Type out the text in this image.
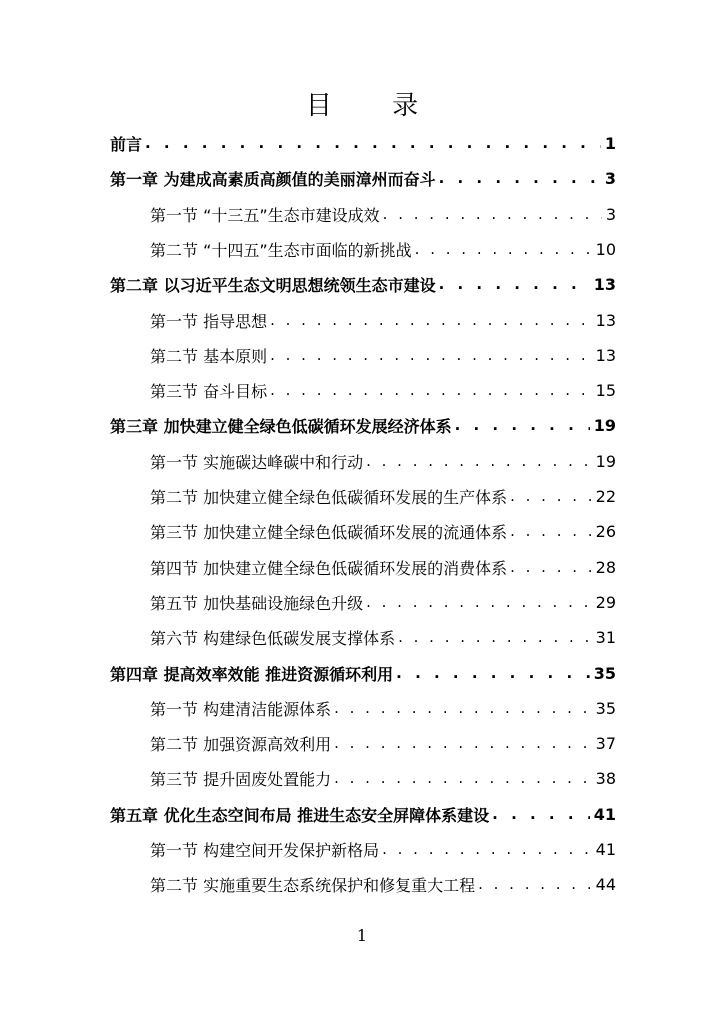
目 录
前言 . . .	1
第一章 为建成高素质高颜值的美丽漳州而奋斗 . . .	3
第一节 “十三五”生态市建设成效 . . .	3
第二节 “十四五”生态市面临的新挑战 . . .	10
第二章 以习近平生态文明思想统领生态市建设 . . .	13
第一节 指导思想 . . .	13
第二节 基本原则 . . .	13
第三节 奋斗目标 . . .	15
第三章 加快建立健全绿色低碳循环发展经济体系 . . .	19
第一节 实施碳达峰碳中和行动 . . .	19
第二节 加快建立健全绿色低碳循环发展的生产体系 . . .	22
第三节 加快建立健全绿色低碳循环发展的流通体系 . . .	26
第四节 加快建立健全绿色低碳循环发展的消费体系 . . .	28
第五节 加快基础设施绿色升级 . . .	29
第六节 构建绿色低碳发展支撑体系 . . .	31
第四章 提高效率效能 推进资源循环利用 . . .	35
第一节 构建清洁能源体系 . . .	35
第二节 加强资源高效利用 . . .	37
第三节 提升固废处置能力 . . .	38
第五章 优化生态空间布局 推进生态安全屏障体系建设 . . .	41
第一节 构建空间开发保护新格局 . . .	41
第二节 实施重要生态系统保护和修复重大工程 . . .	44
1
